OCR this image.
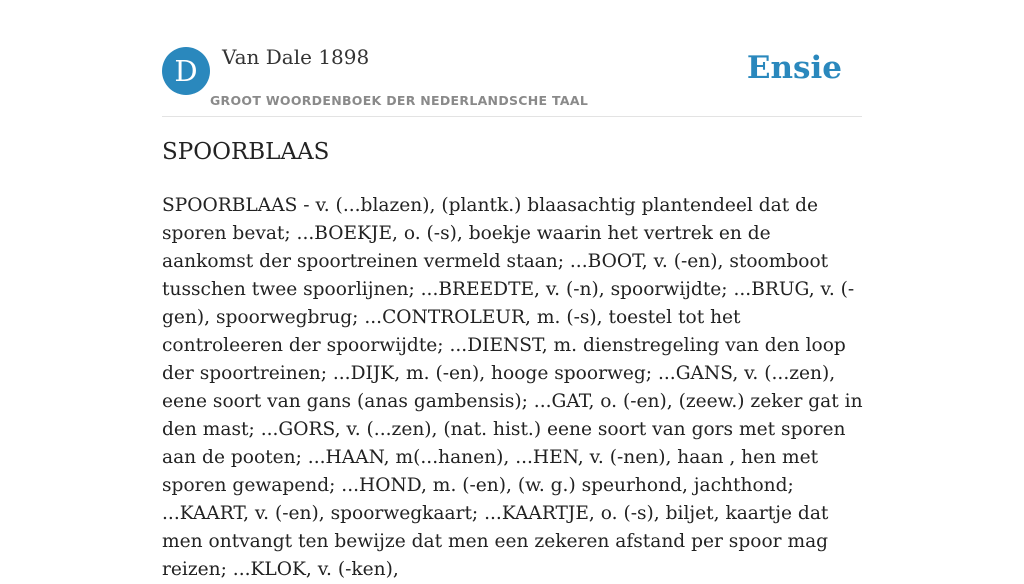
D	Van Dale 1898
GROOT WOORDENBOEK DER NEDERLANDSCHE TAAL
Ensie
SPOORBLAAS

SPOORBLAAS - v. (...blazen), (plantk.) blaasachtig plantendeel dat de sporen bevat; ...BOEKJE, o. (-s), boekje waarin het vertrek en de aankomst der spoortreinen vermeld staan; ...BOOT, v. (-en), stoomboot tusschen twee spoorlijnen; ...BREEDTE, v. (-n), spoorwijdte; ...BRUG, v. (-gen), spoorwegbrug; ...CONTROLEUR, m. (-s), toestel tot het controleeren der spoorwijdte; ...DIENST, m. dienstregeling van den loop der spoortreinen; ...DIJK, m. (-en), hooge spoorweg; ...GANS, v. (...zen), eene soort van gans (anas gambensis); ...GAT, o. (-en), (zeew.) zeker gat in den mast; ...GORS, v. (...zen), (nat. hist.) eene soort van gors met sporen aan de pooten; ...HAAN, m(...hanen), ...HEN, v. (-nen), haan , hen met sporen gewapend; ...HOND, m. (-en), (w. g.) speurhond, jachthond; ...KAART, v. (-en), spoorwegkaart; ...KAARTJE, o. (-s), biljet, kaartje dat men ontvangt ten bewijze dat men een zekeren afstand per spoor mag reizen; ...KLOK, v. (-ken),
